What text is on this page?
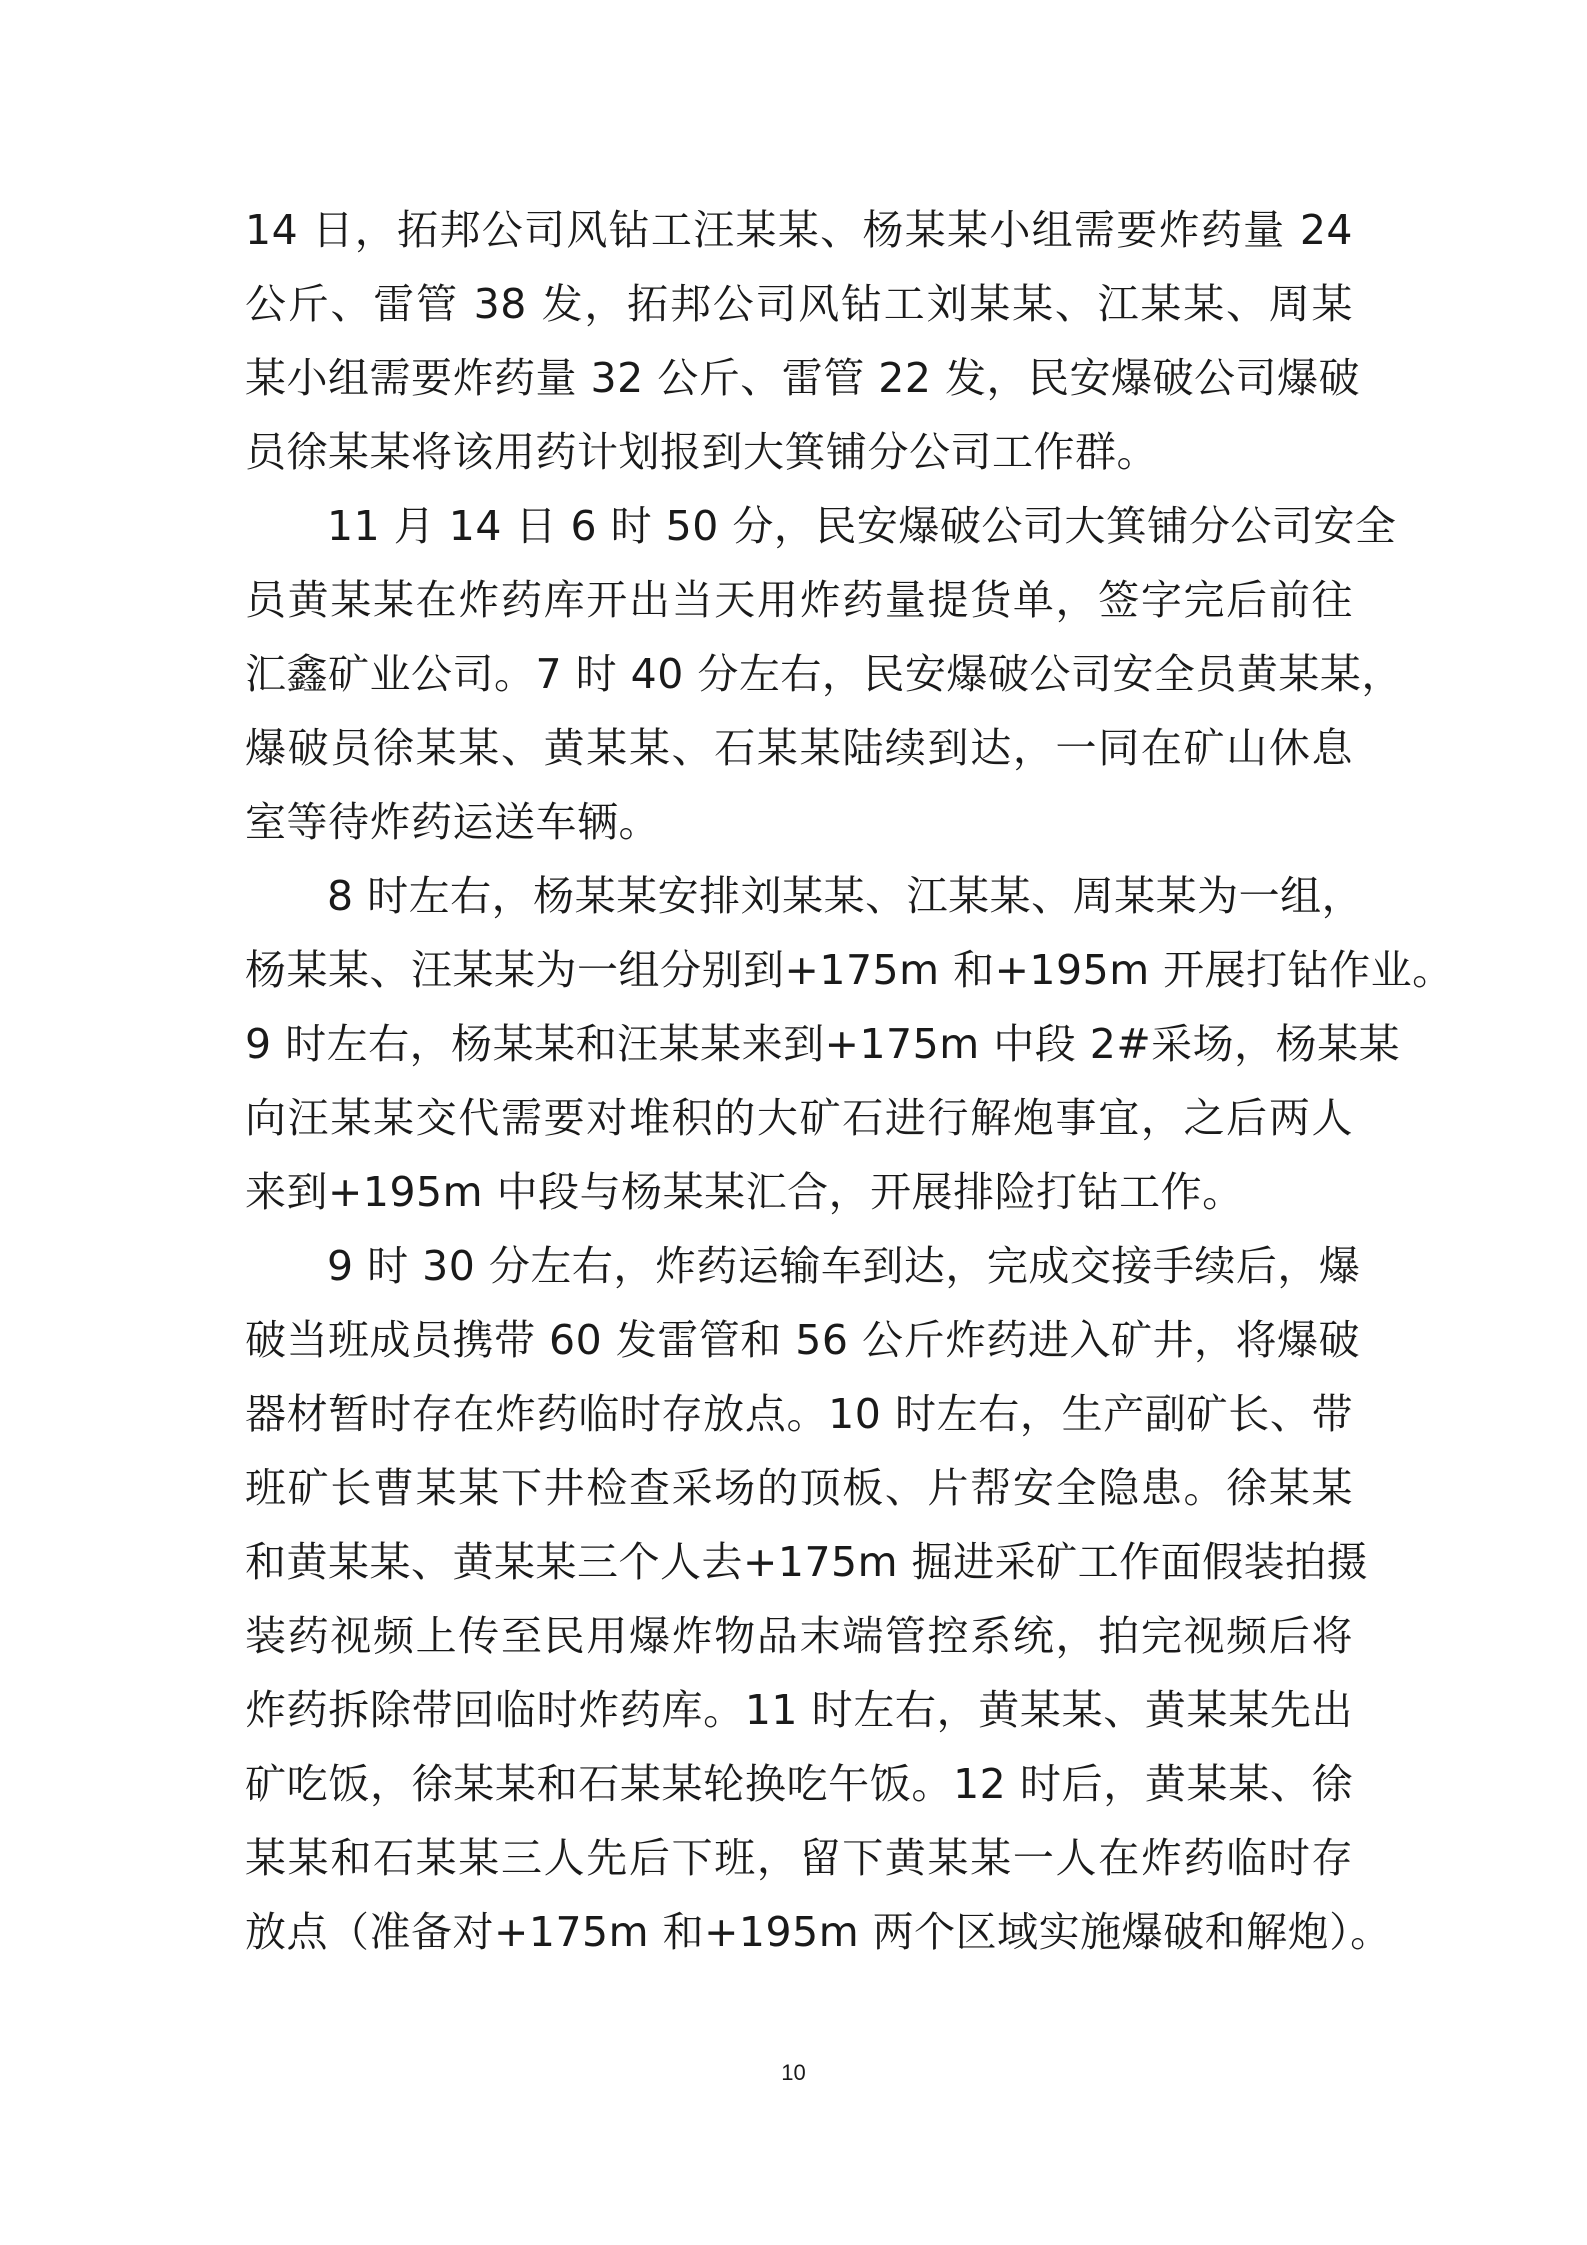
14 日，拓邦公司风钻工汪某某、杨某某小组需要炸药量 24
公斤、雷管 38 发，拓邦公司风钻工刘某某、江某某、周某
某小组需要炸药量 32 公斤、雷管 22 发，民安爆破公司爆破
员徐某某将该用药计划报到大箕铺分公司工作群。
11 月 14 日 6 时 50 分，民安爆破公司大箕铺分公司安全
员黄某某在炸药库开出当天用炸药量提货单，签字完后前往
汇鑫矿业公司。7 时 40 分左右，民安爆破公司安全员黄某某，
爆破员徐某某、黄某某、石某某陆续到达，一同在矿山休息
室等待炸药运送车辆。
8 时左右，杨某某安排刘某某、江某某、周某某为一组，
杨某某、汪某某为一组分别到+175m 和+195m 开展打钻作业。
9 时左右，杨某某和汪某某来到+175m 中段 2#采场，杨某某
向汪某某交代需要对堆积的大矿石进行解炮事宜，之后两人
来到+195m 中段与杨某某汇合，开展排险打钻工作。
9 时 30 分左右，炸药运输车到达，完成交接手续后，爆
破当班成员携带 60 发雷管和 56 公斤炸药进入矿井，将爆破
器材暂时存在炸药临时存放点。10 时左右，生产副矿长、带
班矿长曹某某下井检查采场的顶板、片帮安全隐患。徐某某
和黄某某、黄某某三个人去+175m 掘进采矿工作面假装拍摄
装药视频上传至民用爆炸物品末端管控系统，拍完视频后将
炸药拆除带回临时炸药库。11 时左右，黄某某、黄某某先出
矿吃饭，徐某某和石某某轮换吃午饭。12 时后，黄某某、徐
某某和石某某三人先后下班，留下黄某某一人在炸药临时存
放点（准备对+175m 和+195m 两个区域实施爆破和解炮）。
10
